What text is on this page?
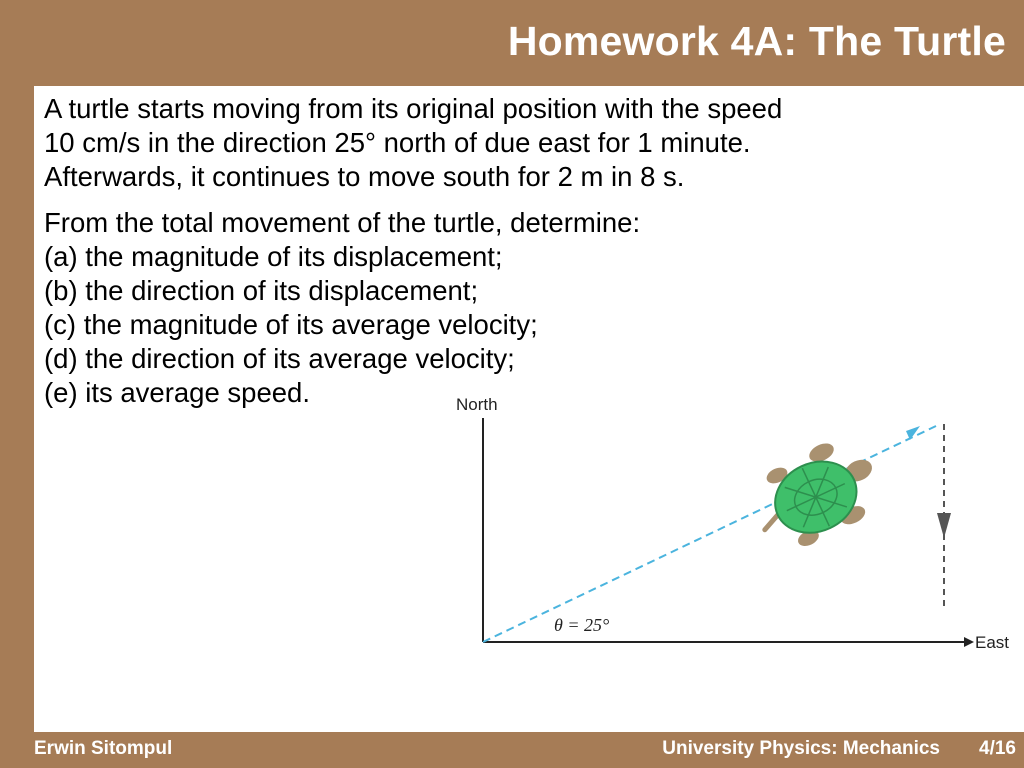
Homework 4A: The Turtle

A turtle starts moving from its original position with the speed
10 cm/s in the direction 25° north of due east for 1 minute.
Afterwards, it continues to move south for 2 m in 8 s.

From the total movement of the turtle, determine:
(a) the magnitude of its displacement;
(b) the direction of its displacement;
(c) the magnitude of its average velocity;
(d) the direction of its average velocity;
(e) its average speed.	North
East
θ = 25°
Erwin Sitompul	University Physics: Mechanics 4/16
